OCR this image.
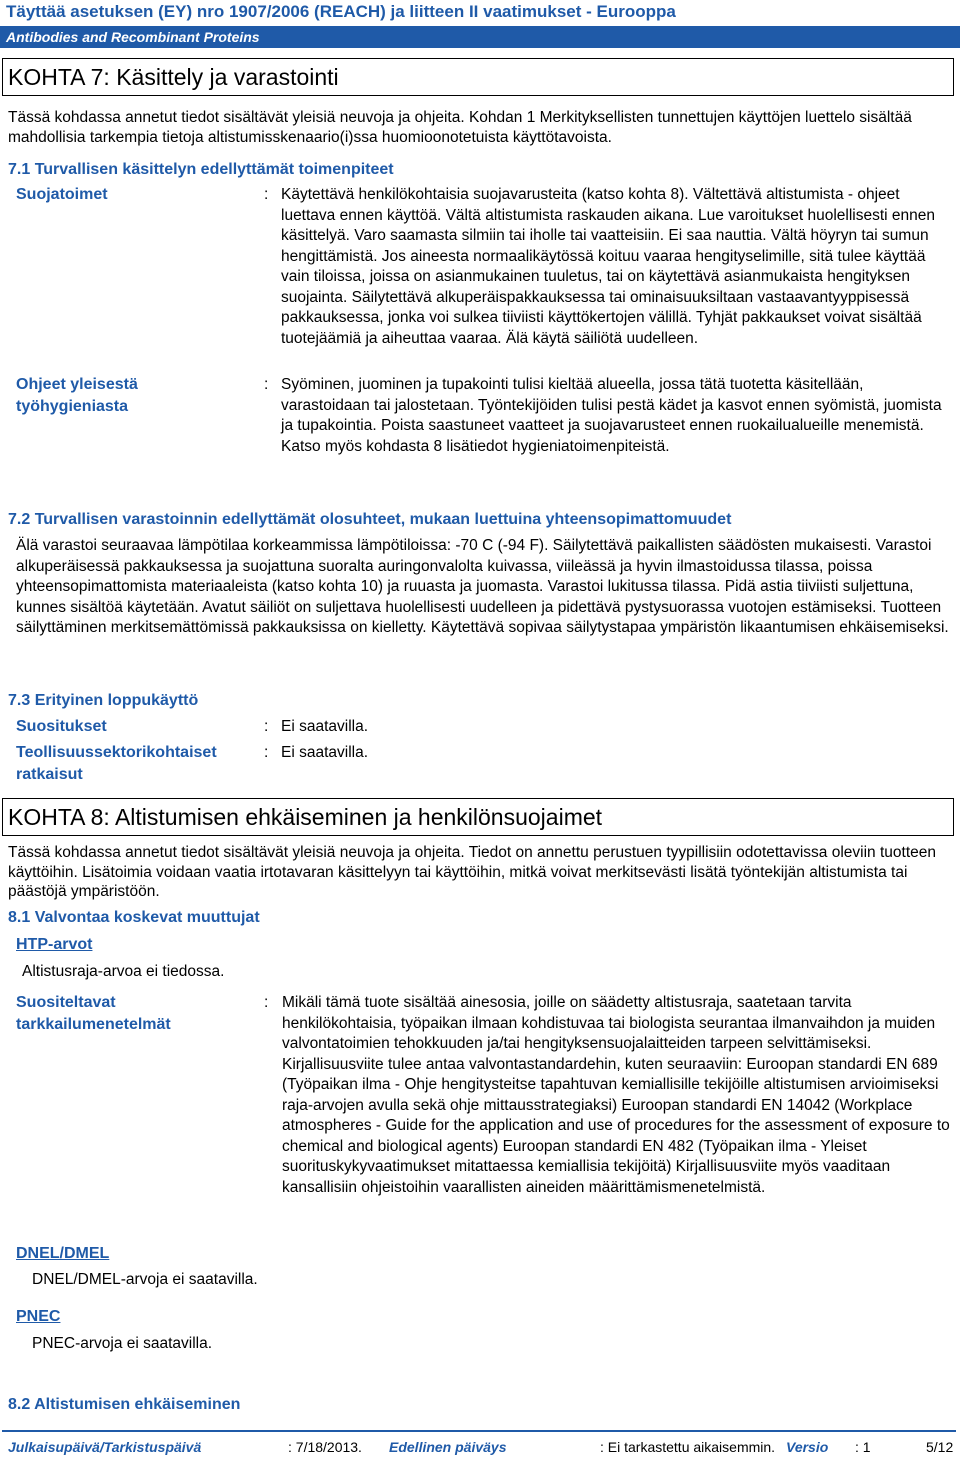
Täyttää asetuksen (EY) nro 1907/2006 (REACH) ja liitteen II vaatimukset - Eurooppa
Antibodies and Recombinant Proteins
KOHTA 7: Käsittely ja varastointi
Tässä kohdassa annetut tiedot sisältävät yleisiä neuvoja ja ohjeita. Kohdan 1 Merkityksellisten tunnettujen käyttöjen luettelo sisältää mahdollisia tarkempia tietoja altistumisskenaario(i)ssa huomioonotetuista käyttötavoista.
7.1 Turvallisen käsittelyn edellyttämät toimenpiteet
Suojatoimet	: Käytettävä henkilökohtaisia suojavarusteita (katso kohta 8). Vältettävä altistumista - ohjeet luettava ennen käyttöä. Vältä altistumista raskauden aikana. Lue varoitukset huolellisesti ennen käsittelyä. Varo saamasta silmiin tai iholle tai vaatteisiin. Ei saa nauttia. Vältä höyryn tai sumun hengittämistä. Jos aineesta normaalikäytössä koituu vaaraa hengityselimille, sitä tulee käyttää vain tiloissa, joissa on asianmukainen tuuletus, tai on käytettävä asianmukaista hengityksen suojainta. Säilytettävä alkuperäispakkauksessa tai ominaisuuksiltaan vastaavantyyppisessä pakkauksessa, jonka voi sulkea tiiviisti käyttökertojen välillä. Tyhjät pakkaukset voivat sisältää tuotejäämiä ja aiheuttaa vaaraa. Älä käytä säiliötä uudelleen.
Ohjeet yleisestä työhygieniasta
: Syöminen, juominen ja tupakointi tulisi kieltää alueella, jossa tätä tuotetta käsitellään, varastoidaan tai jalostetaan. Työntekijöiden tulisi pestä kädet ja kasvot ennen syömistä, juomista ja tupakointia. Poista saastuneet vaatteet ja suojavarusteet ennen ruokailualueille menemistä. Katso myös kohdasta 8 lisätiedot hygieniatoimenpiteistä.
7.2 Turvallisen varastoinnin edellyttämät olosuhteet, mukaan luettuina yhteensopimattomuudet
Älä varastoi seuraavaa lämpötilaa korkeammissa lämpötiloissa: -70 C (-94 F). Säilytettävä paikallisten säädösten mukaisesti. Varastoi alkuperäisessä pakkauksessa ja suojattuna suoralta auringonvalolta kuivassa, viileässä ja hyvin ilmastoidussa tilassa, poissa yhteensopimattomista materiaaleista (katso kohta 10) ja ruuasta ja juomasta. Varastoi lukitussa tilassa. Pidä astia tiiviisti suljettuna, kunnes sisältöä käytetään. Avatut säiliöt on suljettava huolellisesti uudelleen ja pidettävä pystysuorassa vuotojen estämiseksi. Tuotteen säilyttäminen merkitsemättömissä pakkauksissa on kielletty. Käytettävä sopivaa säilytystapaa ympäristön likaantumisen ehkäisemiseksi.
7.3 Erityinen loppukäyttö
Suositukset	: Ei saatavilla.
Teollisuussektorikohtaiset ratkaisut
: Ei saatavilla.
KOHTA 8: Altistumisen ehkäiseminen ja henkilönsuojaimet
Tässä kohdassa annetut tiedot sisältävät yleisiä neuvoja ja ohjeita. Tiedot on annettu perustuen tyypillisiin odotettavissa oleviin tuotteen käyttöihin. Lisätoimia voidaan vaatia irtotavaran käsittelyyn tai käyttöihin, mitkä voivat merkitsevästi lisätä työntekijän altistumista tai päästöjä ympäristöön.
8.1 Valvontaa koskevat muuttujat
HTP-arvot
Altistusraja-arvoa ei tiedossa.
Suositeltavat tarkkailumenetelmät
: Mikäli tämä tuote sisältää ainesosia, joille on säädetty altistusraja, saatetaan tarvita henkilökohtaisia, työpaikan ilmaan kohdistuvaa tai biologista seurantaa ilmanvaihdon ja muiden valvontatoimien tehokkuuden ja/tai hengityksensuojalaitteiden tarpeen selvittämiseksi. Kirjallisuusviite tulee antaa valvontastandardehin, kuten seuraaviin: Euroopan standardi EN 689 (Työpaikan ilma - Ohje hengitysteitse tapahtuvan kemiallisille tekijöille altistumisen arvioimiseksi raja-arvojen avulla sekä ohje mittausstrategiaksi) Euroopan standardi EN 14042 (Workplace atmospheres - Guide for the application and use of procedures for the assessment of exposure to chemical and biological agents) Euroopan standardi EN 482 (Työpaikan ilma - Yleiset suorituskykyvaatimukset mitattaessa kemiallisia tekijöitä) Kirjallisuusviite myös vaaditaan kansallisiin ohjeistoihin vaarallisten aineiden määrittämismenetelmistä.
DNEL/DMEL
DNEL/DMEL-arvoja ei saatavilla.
PNEC
PNEC-arvoja ei saatavilla.
8.2 Altistumisen ehkäiseminen
Julkaisupäivä/Tarkistuspäivä	: 7/18/2013. Edellinen päiväys	: Ei tarkastettu aikaisemmin. Versio : 1	5/12
